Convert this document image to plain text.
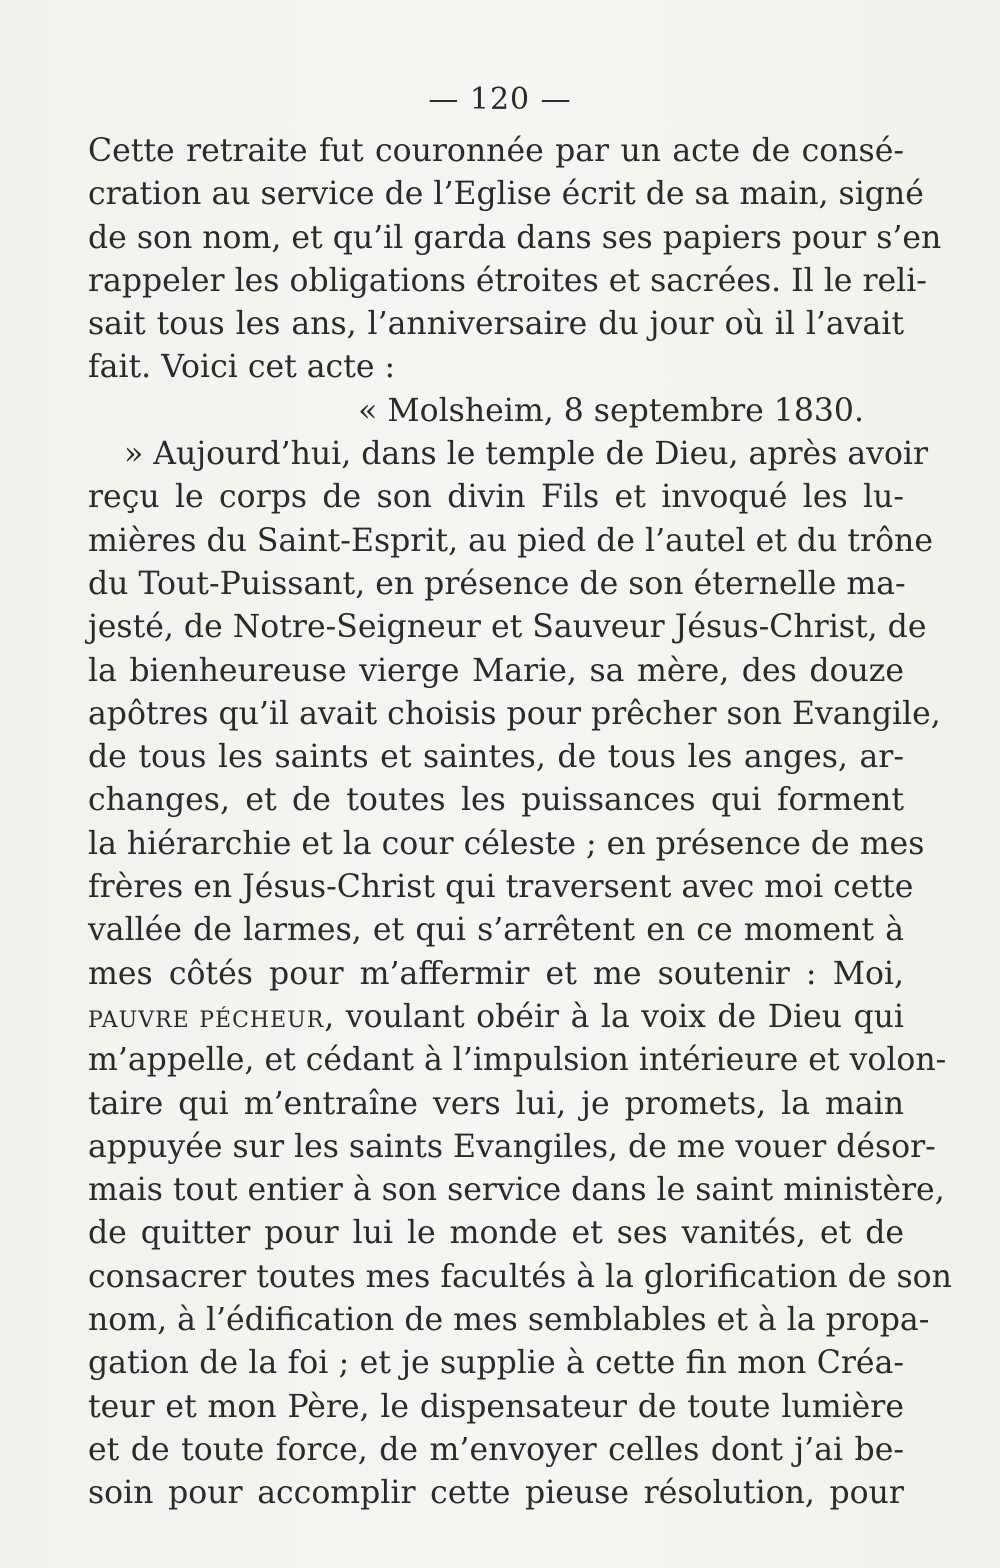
— 120 —
Cette retraite fut couronnée par un acte de consé-
cration au service de l’Eglise écrit de sa main, signé
de son nom, et qu’il garda dans ses papiers pour s’en
rappeler les obligations étroites et sacrées. Il le reli-
sait tous les ans, l’anniversaire du jour où il l’avait
fait. Voici cet acte :
« Molsheim, 8 septembre 1830.
» Aujourd’hui, dans le temple de Dieu, après avoir
reçu le corps de son divin Fils et invoqué les lu-
mières du Saint-Esprit, au pied de l’autel et du trône
du Tout-Puissant, en présence de son éternelle ma-
jesté, de Notre-Seigneur et Sauveur Jésus-Christ, de
la bienheureuse vierge Marie, sa mère, des douze
apôtres qu’il avait choisis pour prêcher son Evangile,
de tous les saints et saintes, de tous les anges, ar-
changes, et de toutes les puissances qui forment
la hiérarchie et la cour céleste ; en présence de mes
frères en Jésus-Christ qui traversent avec moi cette
vallée de larmes, et qui s’arrêtent en ce moment à
mes côtés pour m’affermir et me soutenir : Moi,
PAUVRE PÉCHEUR, voulant obéir à la voix de Dieu qui
m’appelle, et cédant à l’impulsion intérieure et volon-
taire qui m’entraîne vers lui, je promets, la main
appuyée sur les saints Evangiles, de me vouer désor-
mais tout entier à son service dans le saint ministère,
de quitter pour lui le monde et ses vanités, et de
consacrer toutes mes facultés à la glorification de son
nom, à l’édification de mes semblables et à la propa-
gation de la foi ; et je supplie à cette fin mon Créa-
teur et mon Père, le dispensateur de toute lumière
et de toute force, de m’envoyer celles dont j’ai be-
soin pour accomplir cette pieuse résolution, pour
